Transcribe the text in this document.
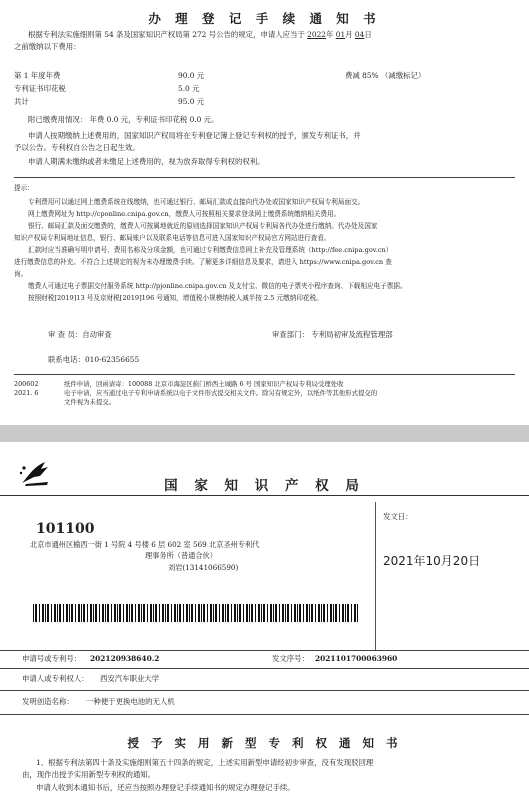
办 理 登 记 手 续 通 知 书
根据专利法实施细则第 54 条及国家知识产权局第 272 号公告的规定，申请人应当于 2022年 01月 04日
之前缴纳以下费用：
第 1 年度年费	90.0 元	费减 85% （减缴标记）
专利证书印花税	5.0 元
共计	95.0 元
附已缴费用情况： 年费 0.0 元，专利证书印花税 0.0 元。
申请人按期缴纳上述费用的，国家知识产权局将在专利登记簿上登记专利权的授予，颁发专利证书，并
予以公告。专利权自公告之日起生效。
申请人期满未缴纳或者未缴足上述费用的，视为放弃取得专利权的权利。
提示：
专利费用可以通过网上缴费系统在线缴纳，也可通过银行、邮局汇款或直接向代办处或国家知识产权局专利局面交。
网上缴费网址为 http://cponline.cnipa.gov.cn，缴费人可按照相关要求登录网上缴费系统缴纳相关费用。
银行、邮局汇款及面交缴费的，缴费人可按属地就近的原则选择国家知识产权局专利局各代办处进行缴纳。代办处及国家
知识产权局专利局地址信息，银行、邮局账户以及联系电话等信息可进入国家知识产权局官方网站进行查看。
汇款时应当准确写明申请号、费用名称及分项金额，也可通过专利缴费信息网上补充及管理系统（http://fee.cnipa.gov.cn）
进行缴费信息的补充。不符合上述规定的视为未办理缴费手续。了解更多详细信息及要求，请进入 https://www.cnipa.gov.cn 查
询。
缴费人可通过电子票据交付服务系统 http://pjonline.cnipa.gov.cn 及支付宝、微信的电子票夹小程序查询、下载相应电子票据。
按照财税[2019]13 号及京财税[2019]196 号通知，增值税小规模纳税人减半按 2.5 元缴纳印花税。
审 查 员：自动审查	审查部门： 专利局初审及流程管理部
联系电话：010-62356655
200602
2021. 6
纸件申请，回函请寄：100088 北京市海淀区蓟门桥西土城路 6 号 国家知识产权局专利局受理处收
电子申请，应当通过电子专利申请系统以电子文件形式提交相关文件。除另有规定外，以纸件等其他形式提交的
文件视为未提交。
国 家 知 识 产 权 局
101100
北京市通州区榆西一街 1 号院 4 号楼 6 层 602 室 569 北京圣州专利代
理事务所（普通合伙）
刘岩(13141066590)
发文日：
2021年10月20日
申请号或专利号： 202120938640.2	发文序号： 2021101700063960
申请人或专利权人： 西安汽车职业大学
发明创造名称： 一种便于更换电池的无人机
授 予 实 用 新 型 专 利 权 通 知 书
1、根据专利法第四十条及实施细则第五十四条的规定，上述实用新型申请经初步审查，没有发现驳回理
由，现作出授予实用新型专利权的通知。
申请人收到本通知书后，还应当按照办理登记手续通知书的规定办理登记手续。
